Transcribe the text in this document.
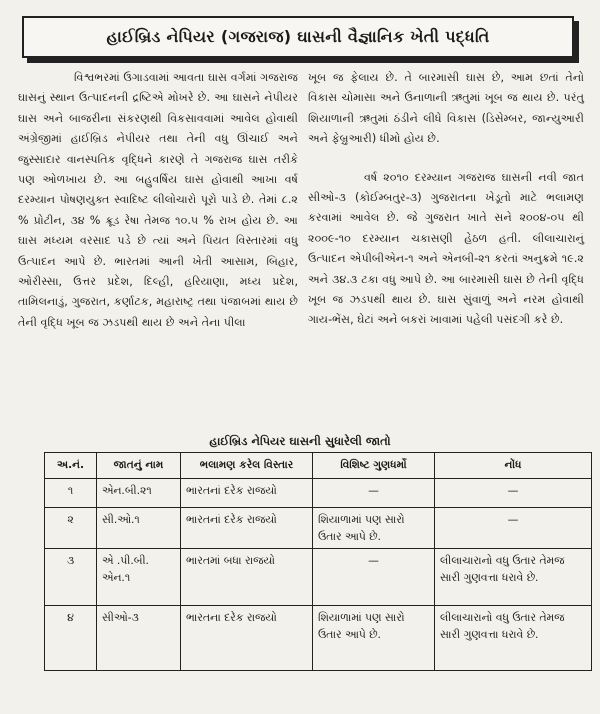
હાઈબ્રિડ નેપિયર (ગજરાજ) ઘાસની વૈજ્ઞાનિક ખેતી પદ્ધતિ

વિશ્વભરમાં ઉગાડવામાં આવતા ઘાસ વર્ગમાં ગજરાજ ઘાસનું સ્થાન ઉત્પાદનની દ્રષ્ટિએ મોખરે છે. આ ઘાસને નેપીયર ઘાસ અને બાજરીના સંકરણથી વિકસાવવામાં આવેલ હોવાથી અંગ્રેજીમાં હાઈબ્રિડ નેપીયર તથા તેની વધુ ઊંચાઈ અને જુસ્સાદાર વાનસ્પતિક વૃદ્ધિને કારણે તે ગજરાજ ઘાસ તરીકે પણ ઓળખાય છે. આ બહુવર્ષિય ઘાસ હોવાથી આખા વર્ષ દરમ્યાન પોષણયુક્ત સ્વાદિષ્ટ લીલોચારો પૂરો પાડે છે. તેમાં ૮.૨ % પ્રોટીન, ૩૪ % ક્રૂડ રેષા તેમજ ૧૦.૫ % રાખ હોય છે. આ ઘાસ મધ્યમ વરસાદ પડે છે ત્યાં અને પિયત વિસ્તારમાં વધુ ઉત્પાદન આપે છે. ભારતમાં આની ખેતી આસામ, બિહાર, ઓરીસ્સા, ઉત્તર પ્રદેશ, દિલ્હી, હરિયાણા, મધ્ય પ્રદેશ, તામિલનાડું, ગુજરાત, કર્ણાટક, મહારાષ્ટ્ર તથા પંજાબમાં થાય છે તેની વૃદ્ધિ ખૂબ જ ઝડપથી થાય છે અને તેના પીલા

ખૂબ જ ફેલાય છે. તે બારમાસી ઘાસ છે, આમ છતાં તેનો વિકાસ ચોમાસા અને ઉનાળાની ઋતુમાં ખૂબ જ થાય છે. પરંતુ શિયાળાની ઋતુમાં ઠંડીને લીધે વિકાસ (ડિસેમ્બર, જાન્યુઆરી અને ફેબ્રુઆરી) ધીમો હોય છે.

વર્ષ ૨૦૧૦ દરમ્યાન ગજરાજ ઘાસની નવી જાત સીઓ-૩ (કોઈમ્બતુર-૩) ગુજરાતના ખેડૂતો માટે ભલામણ કરવામાં આવેલ છે. જે ગુજરાત ખાતે સને ૨૦૦૪-૦૫ થી ૨૦૦૯-૧૦ દરમ્યાન ચકાસણી હેઠળ હતી. લીલાચારાનું ઉત્પાદન એપીબીએન-૧ અને એનબી-૨૧ કરતાં અનુક્રમે ૧૯.૨ અને ૩૪.૩ ટકા વધુ આપે છે. આ બારમાસી ઘાસ છે તેની વૃદ્ધિ ખૂબ જ ઝડપથી થાય છે. ઘાસ સુંવાળું અને નરમ હોવાથી ગાય-ભેંસ, ઘેટાં અને બકરાં ખાવામાં પહેલી પસંદગી કરે છે.

હાઈબ્રિડ નેપિયર ઘાસની સુધારેલી જાતો
અ.નં.	જાતનું નામ	ભલામણ કરેલ વિસ્તાર	વિશિષ્ટ ગુણધર્મો	નોંધ
૧	એન.બી.૨૧	ભારતનાં દરેક રાજયો	—	—
૨	સી.ઓ.૧	ભારતનાં દરેક રાજયો	શિયાળામાં પણ સારો ઉતાર આપે છે.	—
૩	એ .પી.બી. એન.૧	ભારતમાં બધા રાજયો	—	લીલાચારાનો વધુ ઉતાર તેમજ સારી ગુણવત્તા ધરાવે છે.
૪	સીઓ-૩	ભારતના દરેક રાજયો	શિયાળામાં પણ સારો ઉતાર આપે છે.	લીલાચારાનો વધુ ઉતાર તેમજ સારી ગુણવત્તા ધરાવે છે.
